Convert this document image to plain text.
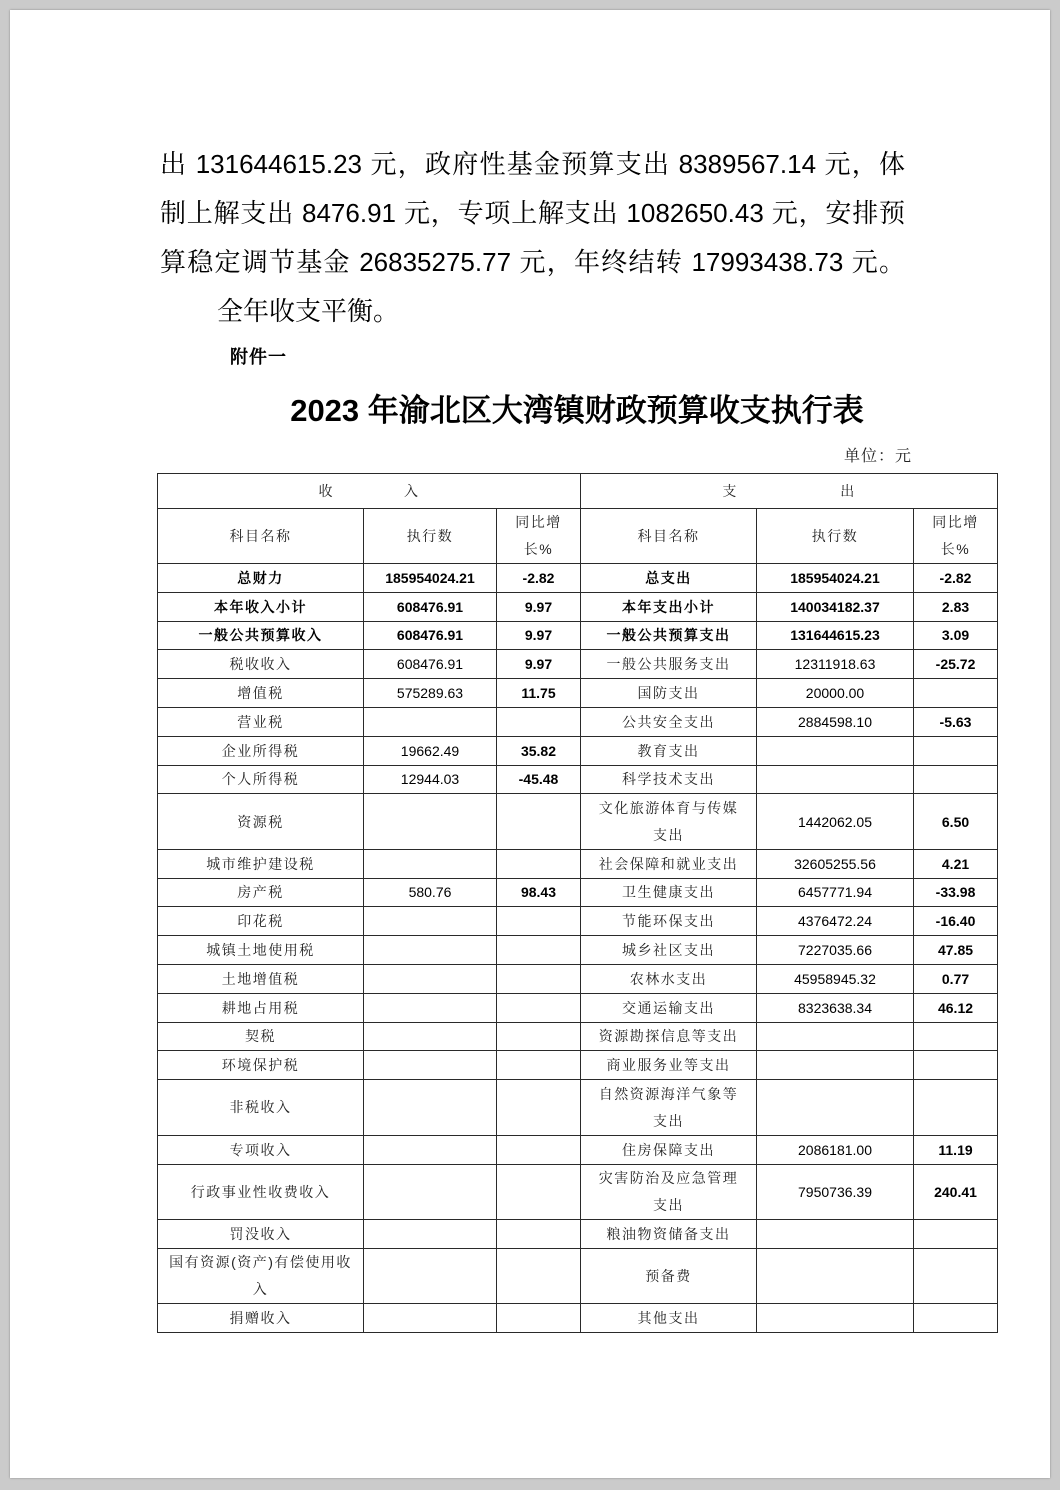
出 131644615.23 元，政府性基金预算支出 8389567.14 元，体
制上解支出 8476.91 元，专项上解支出 1082650.43 元，安排预
算稳定调节基金 26835275.77 元，年终结转 17993438.73 元。
全年收支平衡。
附件一
2023 年渝北区大湾镇财政预算收支执行表
单位：元
收             入			支                   出		
科目名称	执行数	同比增长%	科目名称	执行数	同比增长%
总财力	185954024.21	-2.82	总支出	185954024.21	-2.82
本年收入小计	608476.91	9.97	本年支出小计	140034182.37	2.83
一般公共预算收入	608476.91	9.97	一般公共预算支出	131644615.23	3.09
税收收入	608476.91	9.97	一般公共服务支出	12311918.63	-25.72
增值税	575289.63	11.75	国防支出	20000.00	
营业税			公共安全支出	2884598.10	-5.63
企业所得税	19662.49	35.82	教育支出		
个人所得税	12944.03	-45.48	科学技术支出		
资源税			文化旅游体育与传媒支出	1442062.05	6.50
城市维护建设税			社会保障和就业支出	32605255.56	4.21
房产税	580.76	98.43	卫生健康支出	6457771.94	-33.98
印花税			节能环保支出	4376472.24	-16.40
城镇土地使用税			城乡社区支出	7227035.66	47.85
土地增值税			农林水支出	45958945.32	0.77
耕地占用税			交通运输支出	8323638.34	46.12
契税			资源勘探信息等支出		
环境保护税			商业服务业等支出		
非税收入			自然资源海洋气象等支出		
专项收入			住房保障支出	2086181.00	11.19
行政事业性收费收入			灾害防治及应急管理支出	7950736.39	240.41
罚没收入			粮油物资储备支出		
国有资源(资产)有偿使用收入			预备费		
捐赠收入			其他支出		
